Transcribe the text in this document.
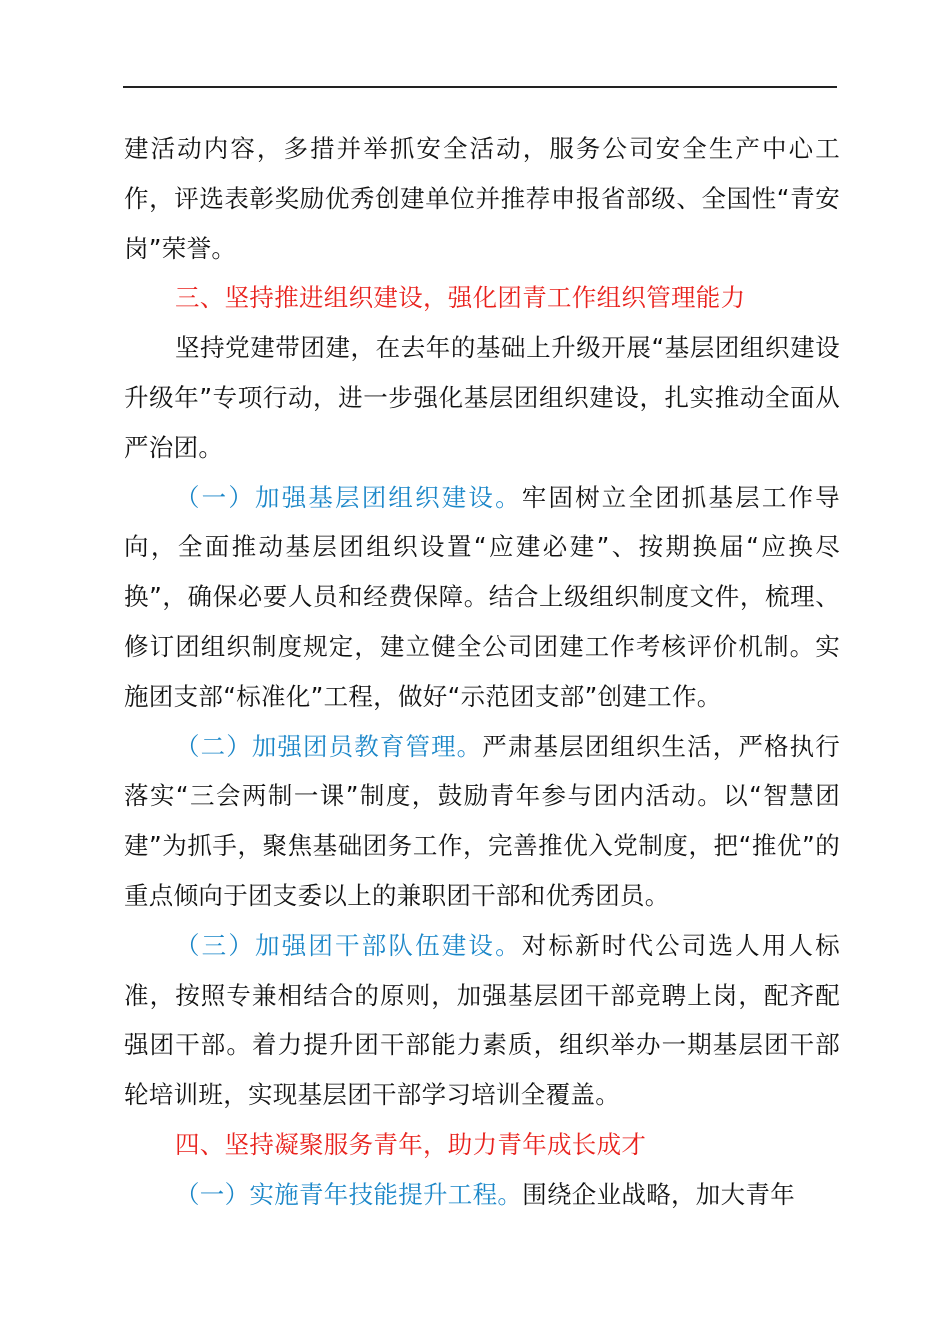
建活动内容，多措并举抓安全活动，服务公司安全生产中心工作，评选表彰奖励优秀创建单位并推荐申报省部级、全国性“青安岗”荣誉。

三、坚持推进组织建设，强化团青工作组织管理能力

坚持党建带团建，在去年的基础上升级开展“基层团组织建设升级年”专项行动，进一步强化基层团组织建设，扎实推动全面从严治团。

（一）加强基层团组织建设。牢固树立全团抓基层工作导向，全面推动基层团组织设置“应建必建”、按期换届“应换尽换”，确保必要人员和经费保障。结合上级组织制度文件，梳理、修订团组织制度规定，建立健全公司团建工作考核评价机制。实施团支部“标准化”工程，做好“示范团支部”创建工作。

（二）加强团员教育管理。严肃基层团组织生活，严格执行落实“三会两制一课”制度，鼓励青年参与团内活动。以“智慧团建”为抓手，聚焦基础团务工作，完善推优入党制度，把“推优”的重点倾向于团支委以上的兼职团干部和优秀团员。

（三）加强团干部队伍建设。对标新时代公司选人用人标准，按照专兼相结合的原则，加强基层团干部竞聘上岗，配齐配强团干部。着力提升团干部能力素质，组织举办一期基层团干部轮培训班，实现基层团干部学习培训全覆盖。

四、坚持凝聚服务青年，助力青年成长成才

（一）实施青年技能提升工程。围绕企业战略，加大青年
